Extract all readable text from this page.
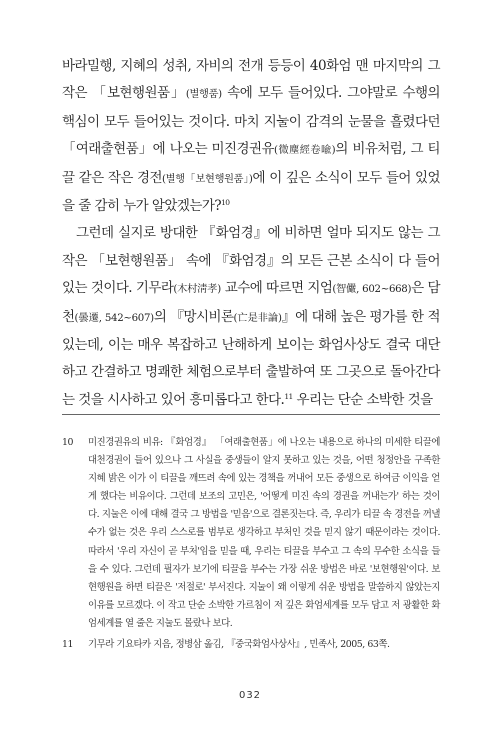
바라밀행, 지혜의 성취, 자비의 전개 등등이 40화엄 맨 마지막의 그 작은 「보현행원품」(별행품) 속에 모두 들어있다. 그야말로 수행의 핵심이 모두 들어있는 것이다. 마치 지눌이 감격의 눈물을 흘렸다던 「여래출현품」에 나오는 미진경권유(微塵經卷喩)의 비유처럼, 그 티끌 같은 작은 경전(별행「보현행원품」)에 이 깊은 소식이 모두 들어 있었을 줄 감히 누가 알았겠는가?$^{10}$

그런데 실지로 방대한 『화엄경』에 비하면 얼마 되지도 않는 그 작은 「보현행원품」 속에 『화엄경』의 모든 근본 소식이 다 들어있는 것이다. 기무라(木村淸孝) 교수에 따르면 지엄(智儼, 602~668)은 담천(曇遷, 542~607)의 『망시비론(亡是非論)』에 대해 높은 평가를 한 적 있는데, 이는 매우 복잡하고 난해하게 보이는 화엄사상도 결국 대단하고 간결하고 명쾌한 체험으로부터 출발하여 또 그곳으로 돌아간다는 것을 시사하고 있어 흥미롭다고 한다.$^{11}$ 우리는 단순 소박한 것을

10	미진경권유의 비유: 『화엄경』 「여래출현품」에 나오는 내용으로 하나의 미세한 티끌에 대천경권이 들어 있으나 그 사실을 중생들이 알지 못하고 있는 것을, 어떤 청정안을 구족한 지혜 밝은 이가 이 티끌을 깨뜨려 속에 있는 경책을 꺼내어 모든 중생으로 하여금 이익을 얻게 했다는 비유이다. 그런데 보조의 고민은, '어떻게 미진 속의 경권을 꺼내는가' 하는 것이다. 지눌은 이에 대해 결국 그 방법을 '믿음'으로 결론짓는다. 즉, 우리가 티끌 속 경전을 꺼낼 수가 없는 것은 우리 스스로를 범부로 생각하고 부처인 것을 믿지 않기 때문이라는 것이다. 따라서 '우리 자신이 곧 부처'임을 믿을 때, 우리는 티끌을 부수고 그 속의 무수한 소식을 들을 수 있다. 그런데 필자가 보기에 티끌을 부수는 가장 쉬운 방법은 바로 '보현행원'이다. 보현행원을 하면 티끌은 '저절로' 부서진다. 지눌이 왜 이렇게 쉬운 방법을 말씀하지 않았는지 이유를 모르겠다. 이 작고 단순 소박한 가르침이 저 깊은 화엄세계를 모두 담고 저 광활한 화엄세계를 열 줄은 지눌도 몰랐나 보다.
11	기무라 기요타카 지음, 정병삼 옮김, 『중국화엄사상사』, 민족사, 2005, 63쪽.
032
